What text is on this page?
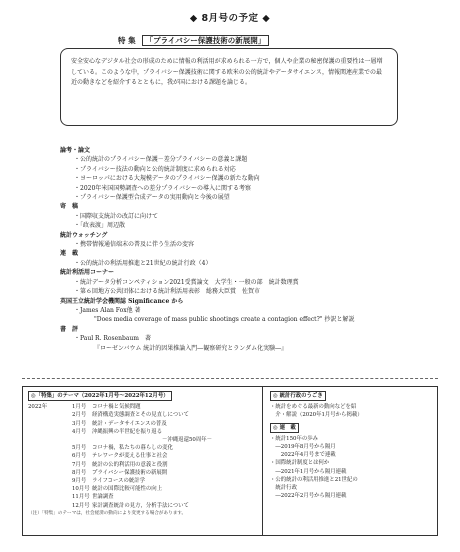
◆ 8月号の予定 ◆
安全安心なデジタル社会の形成のために情報の利活用が求められる一方で，個人や企業の秘密保護の重要性は一層増している。このような中，プライバシー保護技術に関する欧米の公的統計やデータサイエンス，情報関連産業での最近の動きなどを紹介するとともに，我が国における課題を論じる。
特 集 「プライバシー保護技術の新展開」
論考・論文
・公的統計のプライバシー保護－差分プライバシーの意義と課題
・プライバシー技法の動向と公的統計制度に求められる対応
・ヨーロッパにおける大規模データのプライバシー保護の新たな動向
・2020年米国国勢調査への差分プライバシーの導入に関する考察
・プライバシー保護型合成データの実用動向と今後の展望
寄　稿
・国際収支統計の改訂に向けて
・「政表渡」周辺散
統計ウォッチング
・携帯情報通信端末の普及に伴う生活の変容
連　載
・公的統計の利活用推進と21世紀の統計行政（4）
統計利活用コーナー
・統計データ分析コンペティション2021受賞論文　大学生・一般の部　統計数理賞
・第６回地方公共団体における統計利活用表彰　総務大臣賞　佐賀市
英国王立統計学会機関誌 Significance から
・James Alan Fox他 著
"Does media coverage of mass public shootings create a contagion effect?" 抄訳と解説
書　評
・Paul R. Rosenbaum　著
『ローゼンバウム 統計的因果推論入門―観察研究とランダム化実験―』
◎「特集」のテーマ（2022年1月号～2022年12月号）
2022年	1月号 コロナ禍と気候問題
2月号 経済構造実態調査とその見直しについて
3月号 統計・データサイエンスの普及
4月号 沖縄振興の半世紀を振り返る
－沖縄返還50周年－
5月号 コロナ禍，私たちの暮らしの変化
6月号 テレワークが変える仕事と社会
7月号 統計の公的利活用の意義と役割
8月号 プライバシー保護技術の新展開
9月号 ライフコースの統計学
10月号 統計の国際比較可能性の向上
11月号 世論調査
12月号 家計調査統計の見方，分析手法について
（注）「特集」のテーマは，社会経済の動向により変更する場合があります。
◎ 統計行政のうごき
・統計をめぐる最新の動向などを紹
　介・解説（2020年1月号から掲載）
◎ 連　載
・統計150年の歩み
　―2019年8月号から隔月
　　2022年4月号まで連載
・国際統計制度とは何か
　―2021年1月号から隔月連載
・公的統計の利活用推進と21世紀の
　統計行政
　―2022年2月号から隔月連載
